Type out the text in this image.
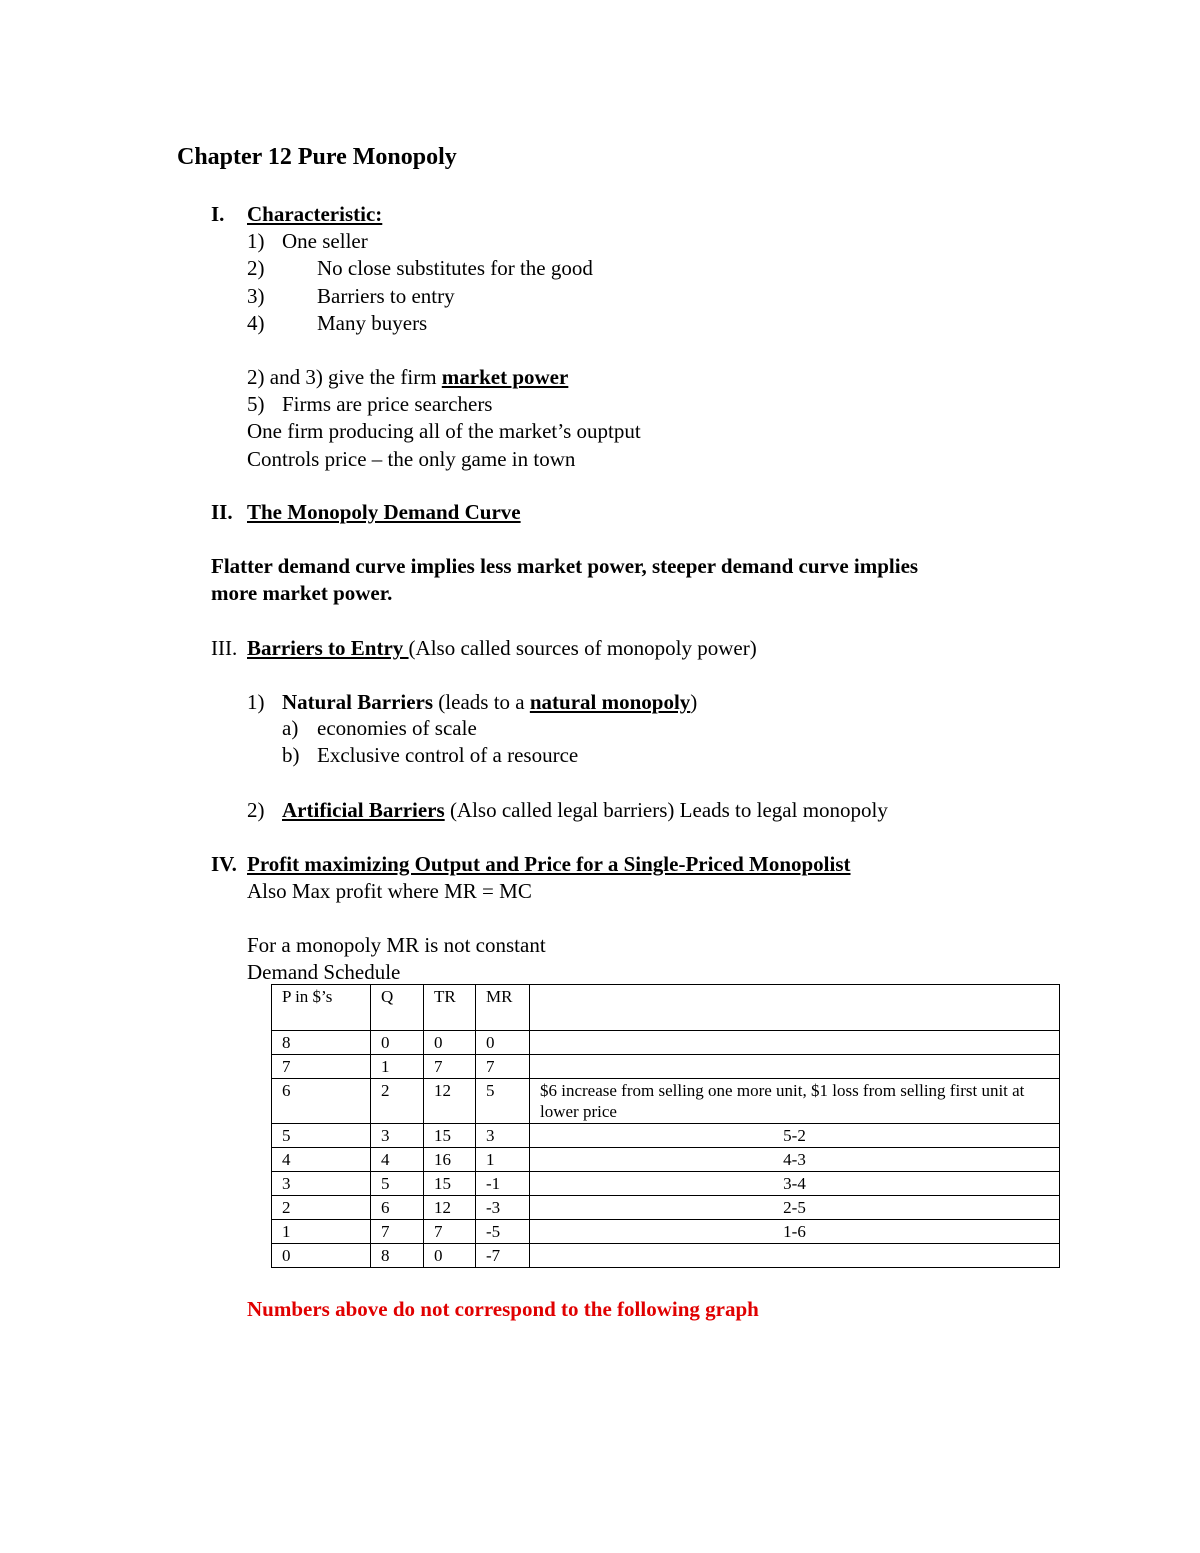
Chapter 12 Pure Monopoly
I. Characteristic:
1) One seller
2)	No close substitutes for the good
3)	Barriers to entry
4)	Many buyers
2) and 3) give the firm market power
5) Firms are price searchers
One firm producing all of the market’s ouptput
Controls price – the only game in town
II. The Monopoly Demand Curve
Flatter demand curve implies less market power, steeper demand curve implies
more market power.
III. Barriers to Entry (Also called sources of monopoly power)
1) Natural Barriers (leads to a natural monopoly)
a) economies of scale
b) Exclusive control of a resource
2) Artificial Barriers (Also called legal barriers) Leads to legal monopoly
IV. Profit maximizing Output and Price for a Single-Priced Monopolist
Also Max profit where MR = MC
For a monopoly MR is not constant
Demand Schedule
P in $’s	Q	TR	MR	
8	0	0	0	
7	1	7	7	
6	2	12	5	$6 increase from selling one more unit, $1 loss from selling first unit at lower price
5	3	15	3	5-2
4	4	16	1	4-3
3	5	15	-1	3-4
2	6	12	-3	2-5
1	7	7	-5	1-6
0	8	0	-7	
Numbers above do not correspond to the following graph
